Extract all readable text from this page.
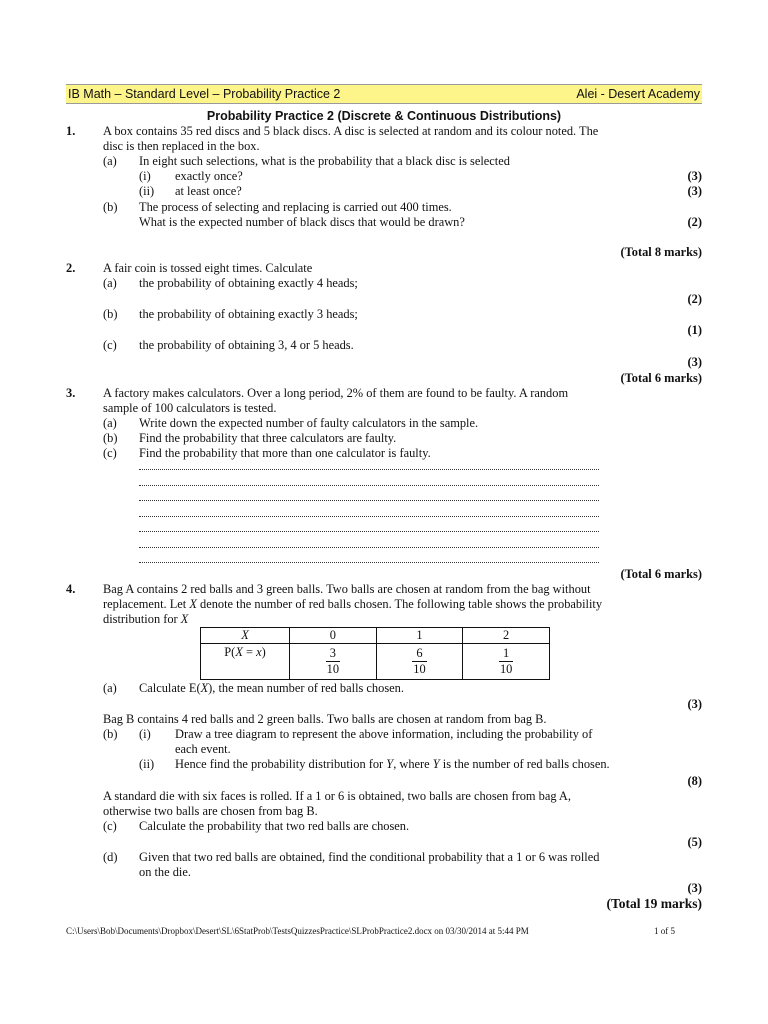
IB Math – Standard Level – Probability Practice 2	Alei - Desert Academy
Probability Practice 2 (Discrete & Continuous Distributions)
1. A box contains 35 red discs and 5 black discs. A disc is selected at random and its colour noted. The
disc is then replaced in the box.
(a) In eight such selections, what is the probability that a black disc is selected
(i) exactly once?	(3)
(ii) at least once?	(3)
(b) The process of selecting and replacing is carried out 400 times.
What is the expected number of black discs that would be drawn?	(2)
(Total 8 marks)
2. A fair coin is tossed eight times. Calculate
(a) the probability of obtaining exactly 4 heads;
(2)
(b) the probability of obtaining exactly 3 heads;
(1)
(c) the probability of obtaining 3, 4 or 5 heads.
(3)
(Total 6 marks)
3. A factory makes calculators. Over a long period, 2% of them are found to be faulty. A random
sample of 100 calculators is tested.
(a) Write down the expected number of faulty calculators in the sample.
(b) Find the probability that three calculators are faulty.
(c) Find the probability that more than one calculator is faulty.
(Total 6 marks)
4. Bag A contains 2 red balls and 3 green balls. Two balls are chosen at random from the bag without
replacement. Let X denote the number of red balls chosen. The following table shows the probability
distribution for X
X	0	1	2
P(X = x)	$\frac{3}{10}$	$\frac{6}{10}$	$\frac{1}{10}$
(a) Calculate E(X), the mean number of red balls chosen.
(3)
Bag B contains 4 red balls and 2 green balls. Two balls are chosen at random from bag B.
(b) (i) Draw a tree diagram to represent the above information, including the probability of
each event.
(ii) Hence find the probability distribution for Y, where Y is the number of red balls chosen.
(8)
A standard die with six faces is rolled. If a 1 or 6 is obtained, two balls are chosen from bag A,
otherwise two balls are chosen from bag B.
(c) Calculate the probability that two red balls are chosen.
(5)
(d) Given that two red balls are obtained, find the conditional probability that a 1 or 6 was rolled
on the die.
(3)
(Total 19 marks)
C:\Users\Bob\Documents\Dropbox\Desert\SL\6StatProb\TestsQuizzesPractice\SLProbPractice2.docx on 03/30/2014 at 5:44 PM	1 of 5
